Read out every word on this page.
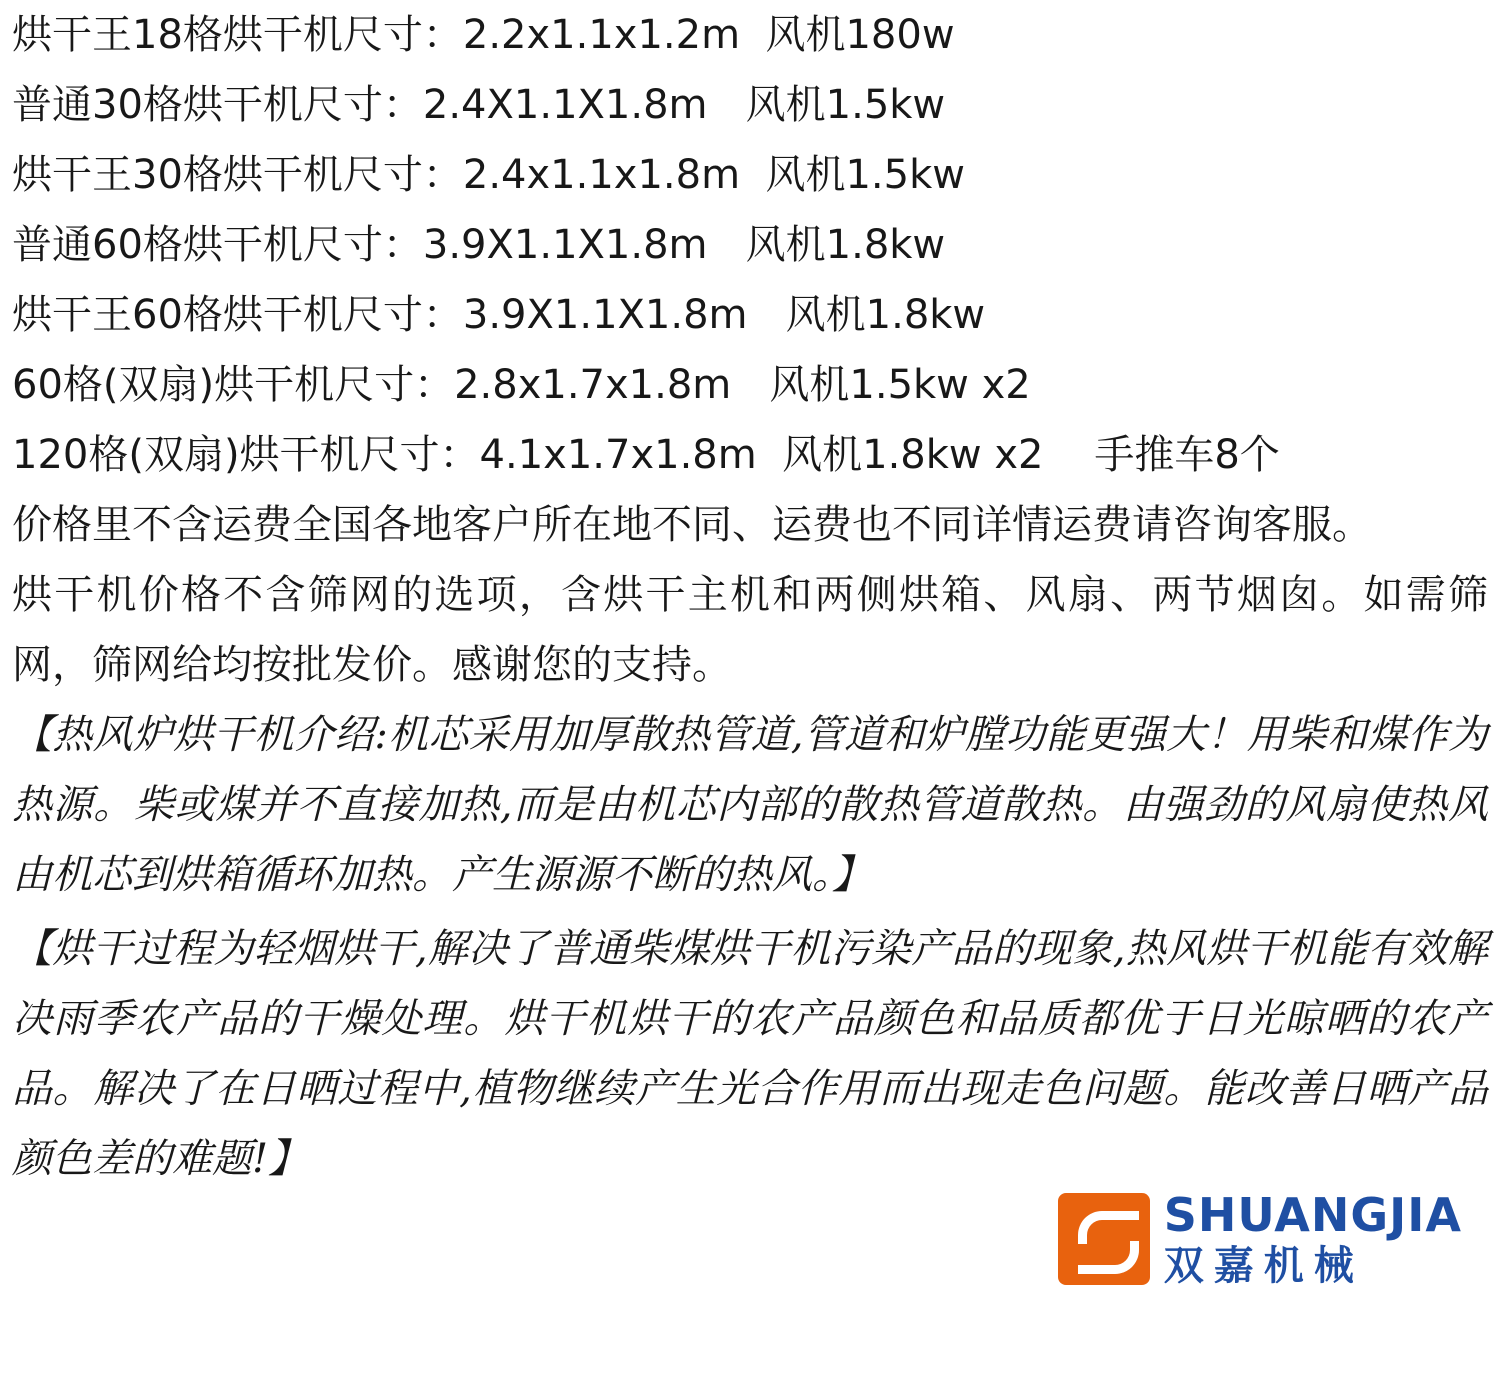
烘干王18格烘干机尺寸：2.2x1.1x1.2m  风机180w
普通30格烘干机尺寸：2.4X1.1X1.8m   风机1.5kw
烘干王30格烘干机尺寸：2.4x1.1x1.8m  风机1.5kw
普通60格烘干机尺寸：3.9X1.1X1.8m   风机1.8kw
烘干王60格烘干机尺寸：3.9X1.1X1.8m   风机1.8kw
60格(双扇)烘干机尺寸：2.8x1.7x1.8m   风机1.5kw x2
120格(双扇)烘干机尺寸：4.1x1.7x1.8m  风机1.8kw x2    手推车8个

价格里不含运费全国各地客户所在地不同、运费也不同详情运费请咨询客服。

烘干机价格不含筛网的选项，含烘干主机和两侧烘箱、风扇、两节烟囱。如需筛网，筛网给均按批发价。感谢您的支持。

【热风炉烘干机介绍:机芯采用加厚散热管道,管道和炉膛功能更强大！用柴和煤作为热源。柴或煤并不直接加热,而是由机芯内部的散热管道散热。由强劲的风扇使热风由机芯到烘箱循环加热。产生源源不断的热风。】

【烘干过程为轻烟烘干,解决了普通柴煤烘干机污染产品的现象,热风烘干机能有效解决雨季农产品的干燥处理。烘干机烘干的农产品颜色和品质都优于日光晾晒的农产品。解决了在日晒过程中,植物继续产生光合作用而出现走色问题。能改善日晒产品颜色差的难题!】

SHUANGJIA
双嘉机械
